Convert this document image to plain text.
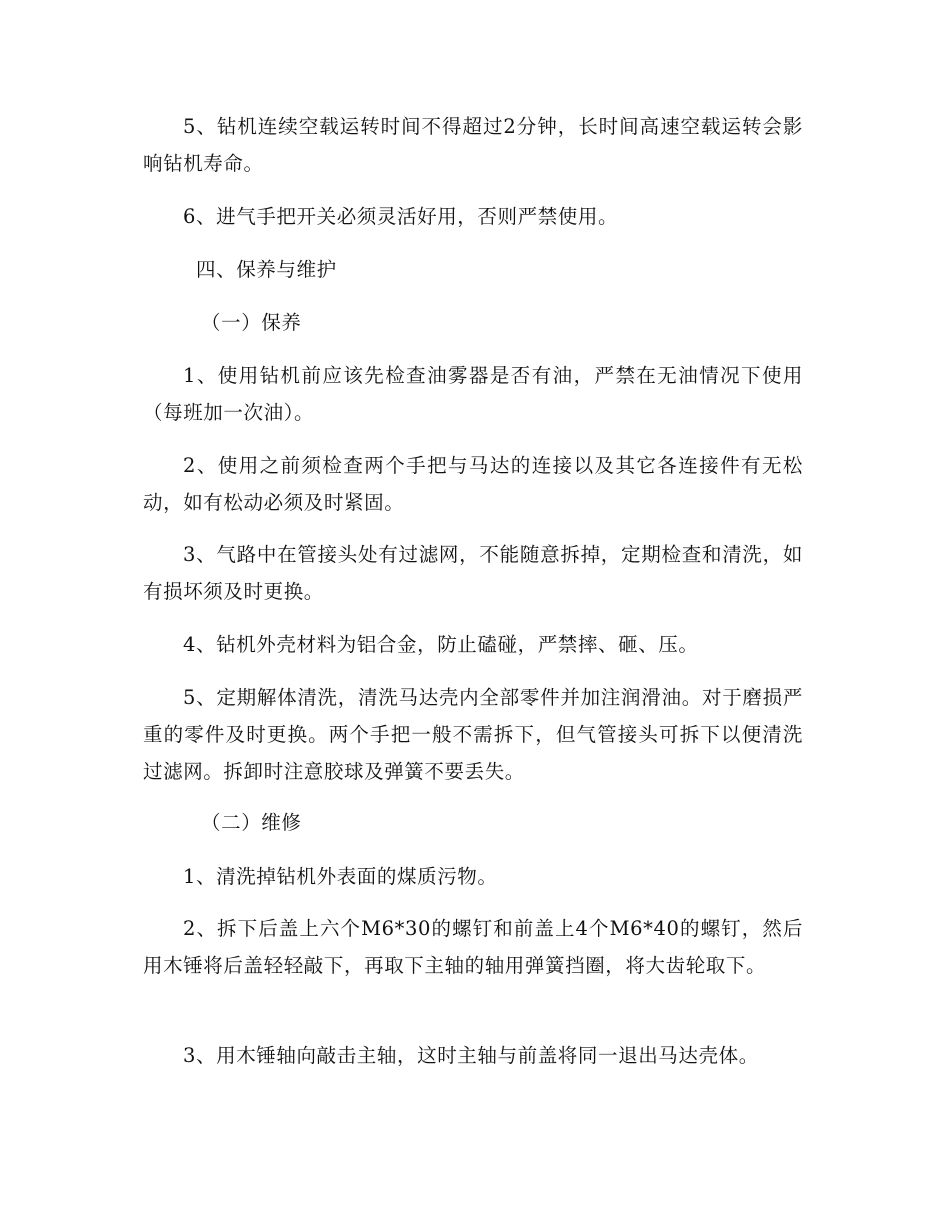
5、钻机连续空载运转时间不得超过2分钟，长时间高速空载运转会影响钻机寿命。

6、进气手把开关必须灵活好用，否则严禁使用。

四、保养与维护

（一）保养

1、使用钻机前应该先检查油雾器是否有油，严禁在无油情况下使用（每班加一次油）。

2、使用之前须检查两个手把与马达的连接以及其它各连接件有无松动，如有松动必须及时紧固。

3、气路中在管接头处有过滤网，不能随意拆掉，定期检查和清洗，如有损坏须及时更换。

4、钻机外壳材料为铝合金，防止磕碰，严禁摔、砸、压。

5、定期解体清洗，清洗马达壳内全部零件并加注润滑油。对于磨损严重的零件及时更换。两个手把一般不需拆下，但气管接头可拆下以便清洗过滤网。拆卸时注意胶球及弹簧不要丢失。

（二）维修

1、清洗掉钻机外表面的煤质污物。

2、拆下后盖上六个M6*30的螺钉和前盖上4个M6*40的螺钉，然后用木锤将后盖轻轻敲下，再取下主轴的轴用弹簧挡圈，将大齿轮取下。

3、用木锤轴向敲击主轴，这时主轴与前盖将同一退出马达壳体。
